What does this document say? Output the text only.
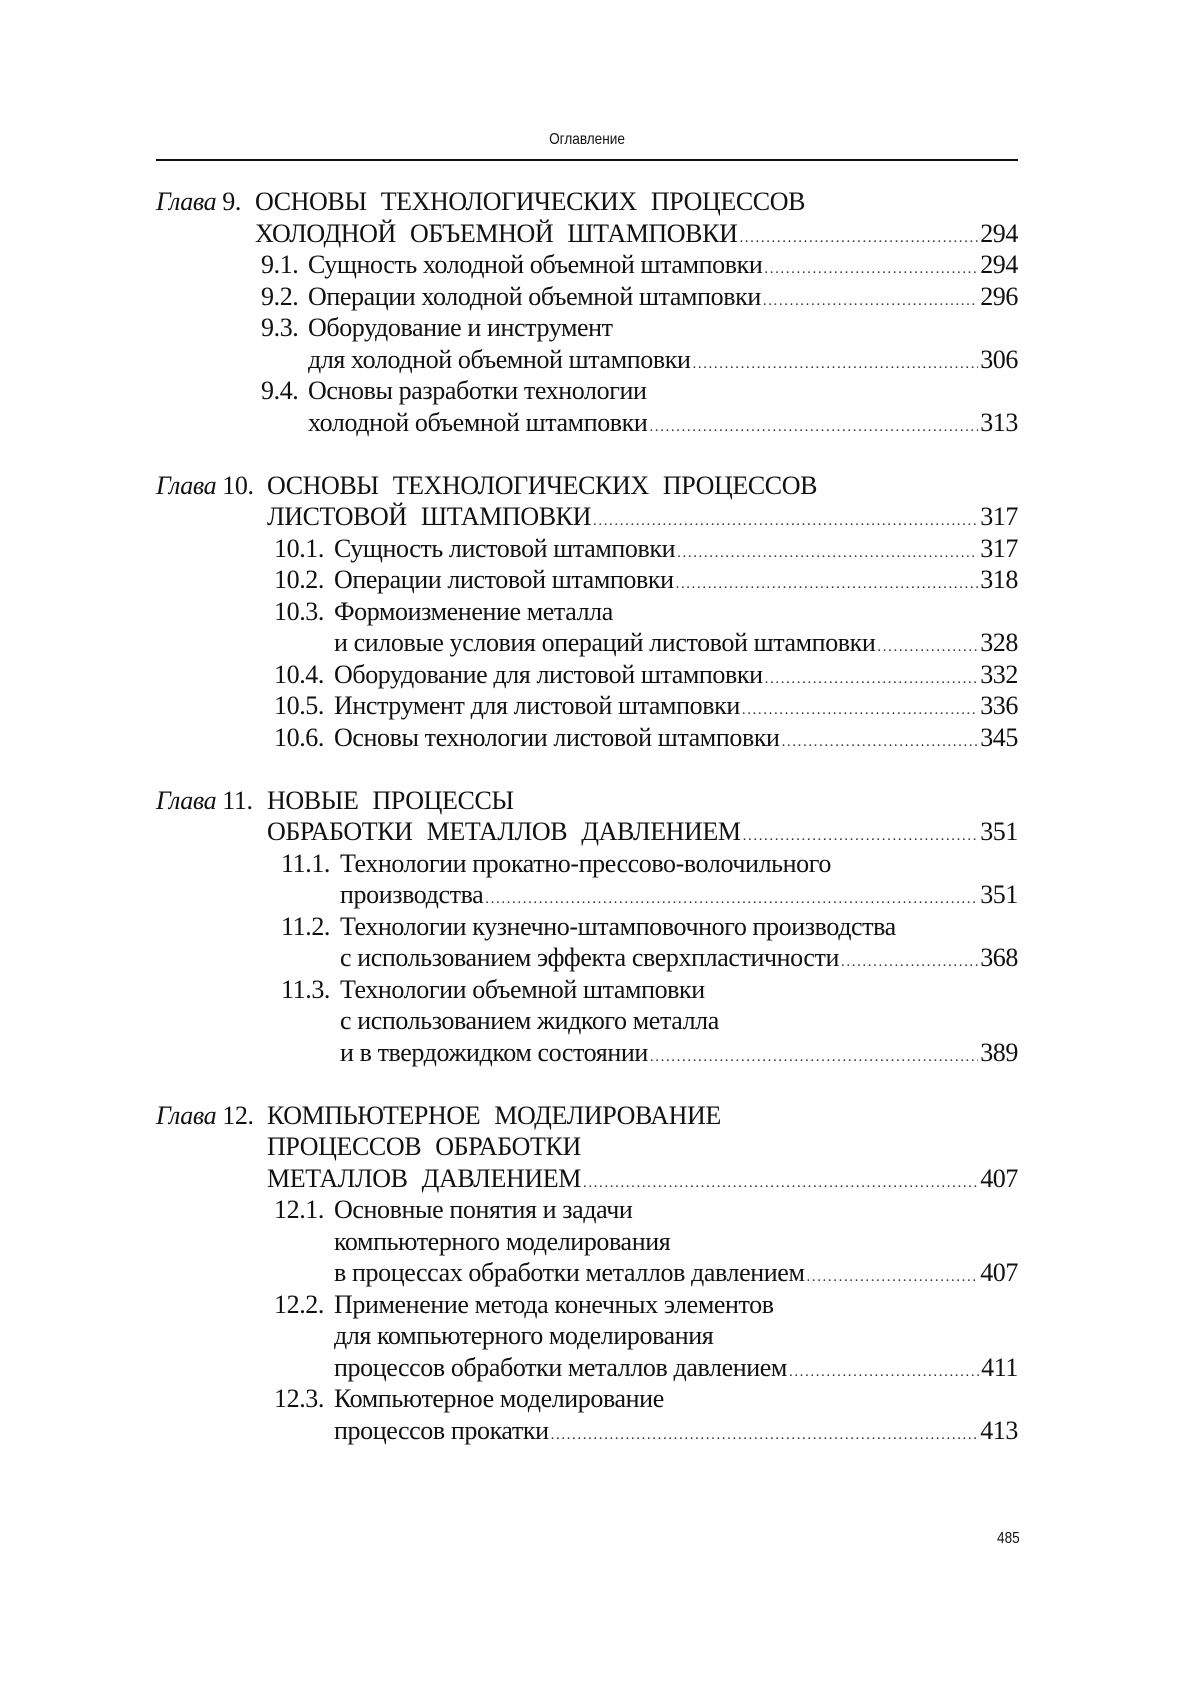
Оглавление
Глава 9. ОСНОВЫ ТЕХНОЛОГИЧЕСКИХ ПРОЦЕССОВ
ХОЛОДНОЙ ОБЪЕМНОЙ ШТАМПОВКИ .....	294
9.1. Сущность холодной объемной штамповки .....	294
9.2. Операции холодной объемной штамповки .....	296
9.3. Оборудование и инструмент
для холодной объемной штамповки .....	306
9.4. Основы разработки технологии
холодной объемной штамповки .....	313
Глава 10. ОСНОВЫ ТЕХНОЛОГИЧЕСКИХ ПРОЦЕССОВ
ЛИСТОВОЙ ШТАМПОВКИ .....	317
10.1. Сущность листовой штамповки .....	317
10.2. Операции листовой штамповки .....	318
10.3. Формоизменение металла
и силовые условия операций листовой штамповки .....	328
10.4. Оборудование для листовой штамповки .....	332
10.5. Инструмент для листовой штамповки .....	336
10.6. Основы технологии листовой штамповки .....	345
Глава 11. НОВЫЕ ПРОЦЕССЫ
ОБРАБОТКИ МЕТАЛЛОВ ДАВЛЕНИЕМ .....	351
11.1. Технологии прокатно-прессово-волочильного
производства .....	351
11.2. Технологии кузнечно-штамповочного производства
с использованием эффекта сверхпластичности .....	368
11.3. Технологии объемной штамповки
с использованием жидкого металла
и в твердожидком состоянии .....	389
Глава 12. КОМПЬЮТЕРНОЕ МОДЕЛИРОВАНИЕ
ПРОЦЕССОВ ОБРАБОТКИ
МЕТАЛЛОВ ДАВЛЕНИЕМ .....	407
12.1. Основные понятия и задачи
компьютерного моделирования
в процессах обработки металлов давлением .....	407
12.2. Применение метода конечных элементов
для компьютерного моделирования
процессов обработки металлов давлением .....	411
12.3. Компьютерное моделирование
процессов прокатки .....	413
485
